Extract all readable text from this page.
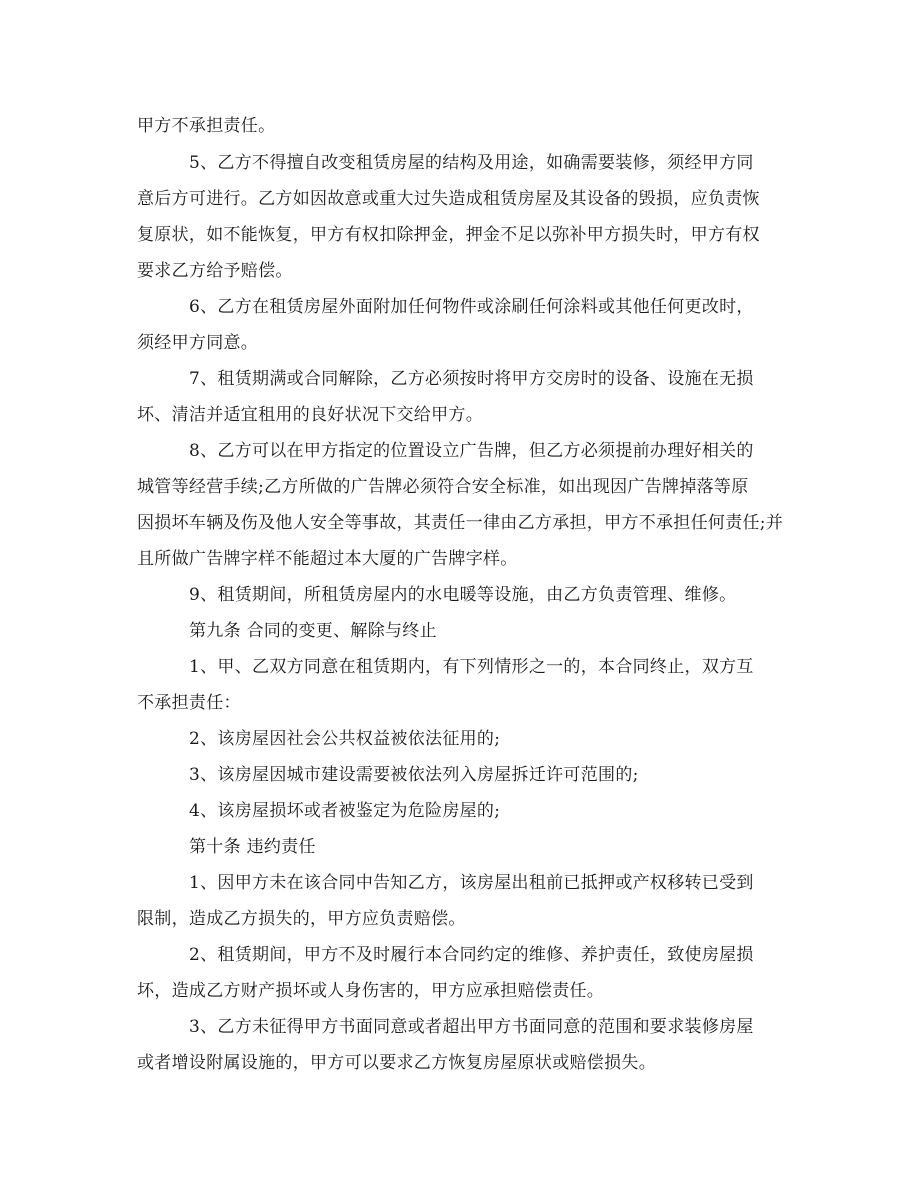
甲方不承担责任。
5、乙方不得擅自改变租赁房屋的结构及用途，如确需要装修，须经甲方同
意后方可进行。乙方如因故意或重大过失造成租赁房屋及其设备的毁损，应负责恢
复原状，如不能恢复，甲方有权扣除押金，押金不足以弥补甲方损失时，甲方有权
要求乙方给予赔偿。
6、乙方在租赁房屋外面附加任何物件或涂刷任何涂料或其他任何更改时，
须经甲方同意。
7、租赁期满或合同解除，乙方必须按时将甲方交房时的设备、设施在无损
坏、清洁并适宜租用的良好状况下交给甲方。
8、乙方可以在甲方指定的位置设立广告牌，但乙方必须提前办理好相关的
城管等经营手续;乙方所做的广告牌必须符合安全标准，如出现因广告牌掉落等原
因损坏车辆及伤及他人安全等事故，其责任一律由乙方承担，甲方不承担任何责任;并
且所做广告牌字样不能超过本大厦的广告牌字样。
9、租赁期间，所租赁房屋内的水电暖等设施，由乙方负责管理、维修。
第九条 合同的变更、解除与终止
1、甲、乙双方同意在租赁期内，有下列情形之一的，本合同终止，双方互
不承担责任：
2、该房屋因社会公共权益被依法征用的;
3、该房屋因城市建设需要被依法列入房屋拆迁许可范围的;
4、该房屋损坏或者被鉴定为危险房屋的;
第十条 违约责任
1、因甲方未在该合同中告知乙方，该房屋出租前已抵押或产权移转已受到
限制，造成乙方损失的，甲方应负责赔偿。
2、租赁期间，甲方不及时履行本合同约定的维修、养护责任，致使房屋损
坏，造成乙方财产损坏或人身伤害的，甲方应承担赔偿责任。
3、乙方未征得甲方书面同意或者超出甲方书面同意的范围和要求装修房屋
或者增设附属设施的，甲方可以要求乙方恢复房屋原状或赔偿损失。
